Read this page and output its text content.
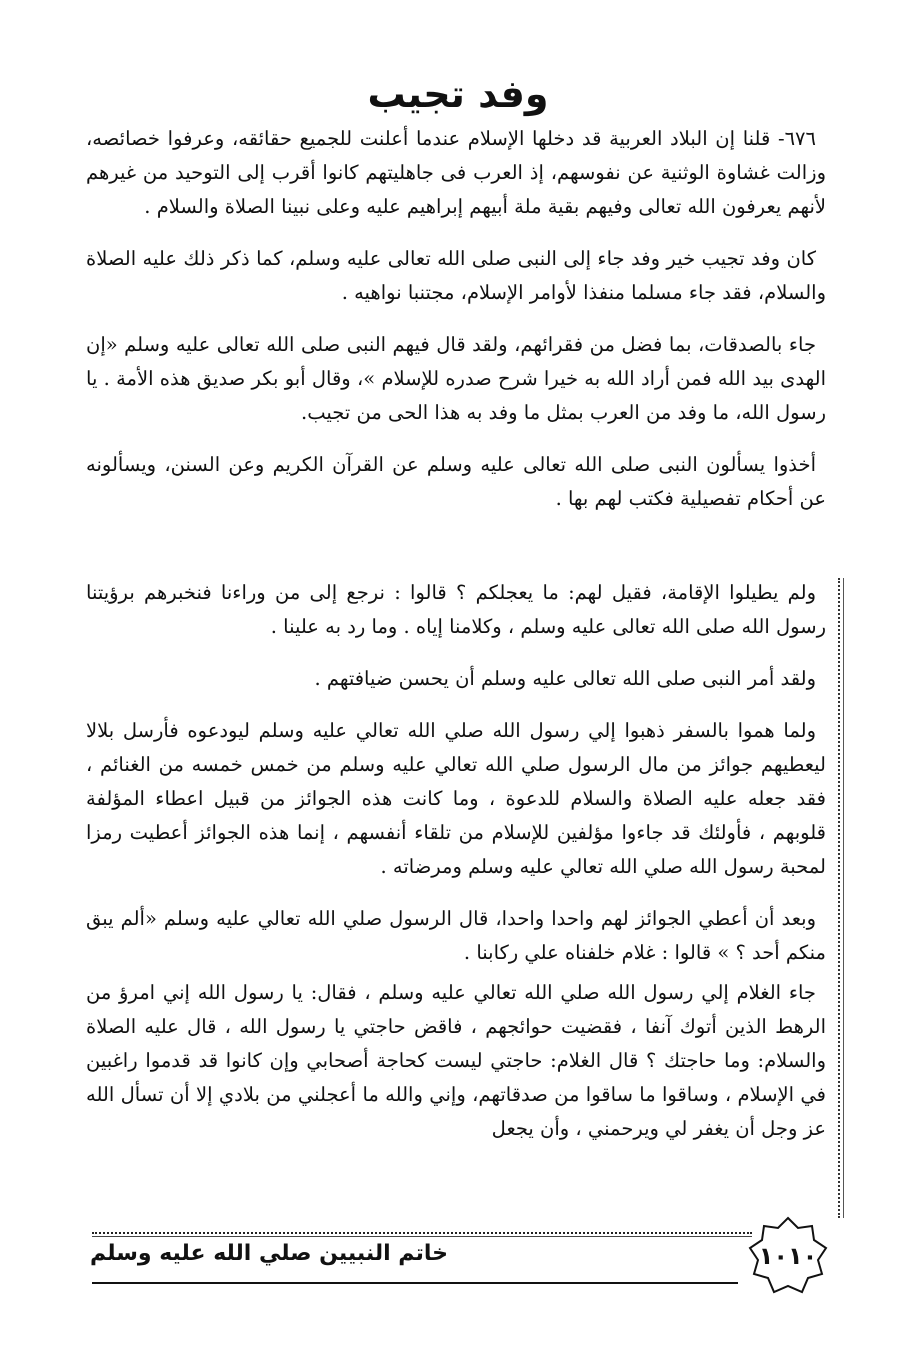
وفد تجيب

٦٧٦- قلنا إن البلاد العربية قد دخلها الإسلام عندما أعلنت للجميع حقائقه، وعرفوا خصائصه، وزالت غشاوة الوثنية عن نفوسهم، إذ العرب فى جاهليتهم كانوا أقرب إلى التوحيد من غيرهم لأنهم يعرفون الله تعالى وفيهم بقية ملة أبيهم إبراهيم عليه وعلى نبينا الصلاة والسلام .

كان وفد تجيب خير وفد جاء إلى النبى صلى الله تعالى عليه وسلم، كما ذكر ذلك عليه الصلاة والسلام، فقد جاء مسلما منفذا لأوامر الإسلام، مجتنبا نواهيه .

جاء بالصدقات، بما فضل من فقرائهم، ولقد قال فيهم النبى صلى الله تعالى عليه وسلم «إن الهدى بيد الله فمن أراد الله به خيرا شرح صدره للإسلام »، وقال أبو بكر صديق هذه الأمة . يا رسول الله، ما وفد من العرب بمثل ما وفد به هذا الحى من تجيب.

أخذوا يسألون النبى صلى الله تعالى عليه وسلم عن القرآن الكريم وعن السنن، ويسألونه عن أحكام تفصيلية فكتب لهم بها .

ولم يطيلوا الإقامة، فقيل لهم: ما يعجلكم ؟ قالوا : نرجع إلى من وراءنا فنخبرهم برؤيتنا رسول الله صلى الله تعالى عليه وسلم ، وكلامنا إياه . وما رد به علينا .

ولقد أمر النبى صلى الله تعالى عليه وسلم أن يحسن ضيافتهم .

ولما هموا بالسفر ذهبوا إلي رسول الله صلي الله تعالي عليه وسلم ليودعوه فأرسل بلالا ليعطيهم جوائز من مال الرسول صلي الله تعالي عليه وسلم من خمس خمسه من الغنائم ، فقد جعله عليه الصلاة والسلام للدعوة ، وما كانت هذه الجوائز من قبيل اعطاء المؤلفة قلوبهم ، فأولئك قد جاءوا مؤلفين للإسلام من تلقاء أنفسهم ، إنما هذه الجوائز أعطيت رمزا لمحبة رسول الله صلي الله تعالي عليه وسلم ومرضاته .

وبعد أن أعطي الجوائز لهم واحدا واحدا، قال الرسول صلي الله تعالي عليه وسلم «ألم يبق منكم أحد ؟ » قالوا : غلام خلفناه علي ركابنا .

جاء الغلام إلي رسول الله صلي الله تعالي عليه وسلم ، فقال: يا رسول الله إني امرؤ من الرهط الذين أتوك آنفا ، فقضيت حوائجهم ، فاقض حاجتي يا رسول الله ، قال عليه الصلاة والسلام: وما حاجتك ؟ قال الغلام: حاجتي ليست كحاجة أصحابي وإن كانوا قد قدموا راغبين في الإسلام ، وساقوا ما ساقوا من صدقاتهم، وإني والله ما أعجلني من بلادي إلا أن تسأل الله عز وجل أن يغفر لي ويرحمني ، وأن يجعل

خاتم النبيين صلي الله عليه وسلم	١٠١٠
